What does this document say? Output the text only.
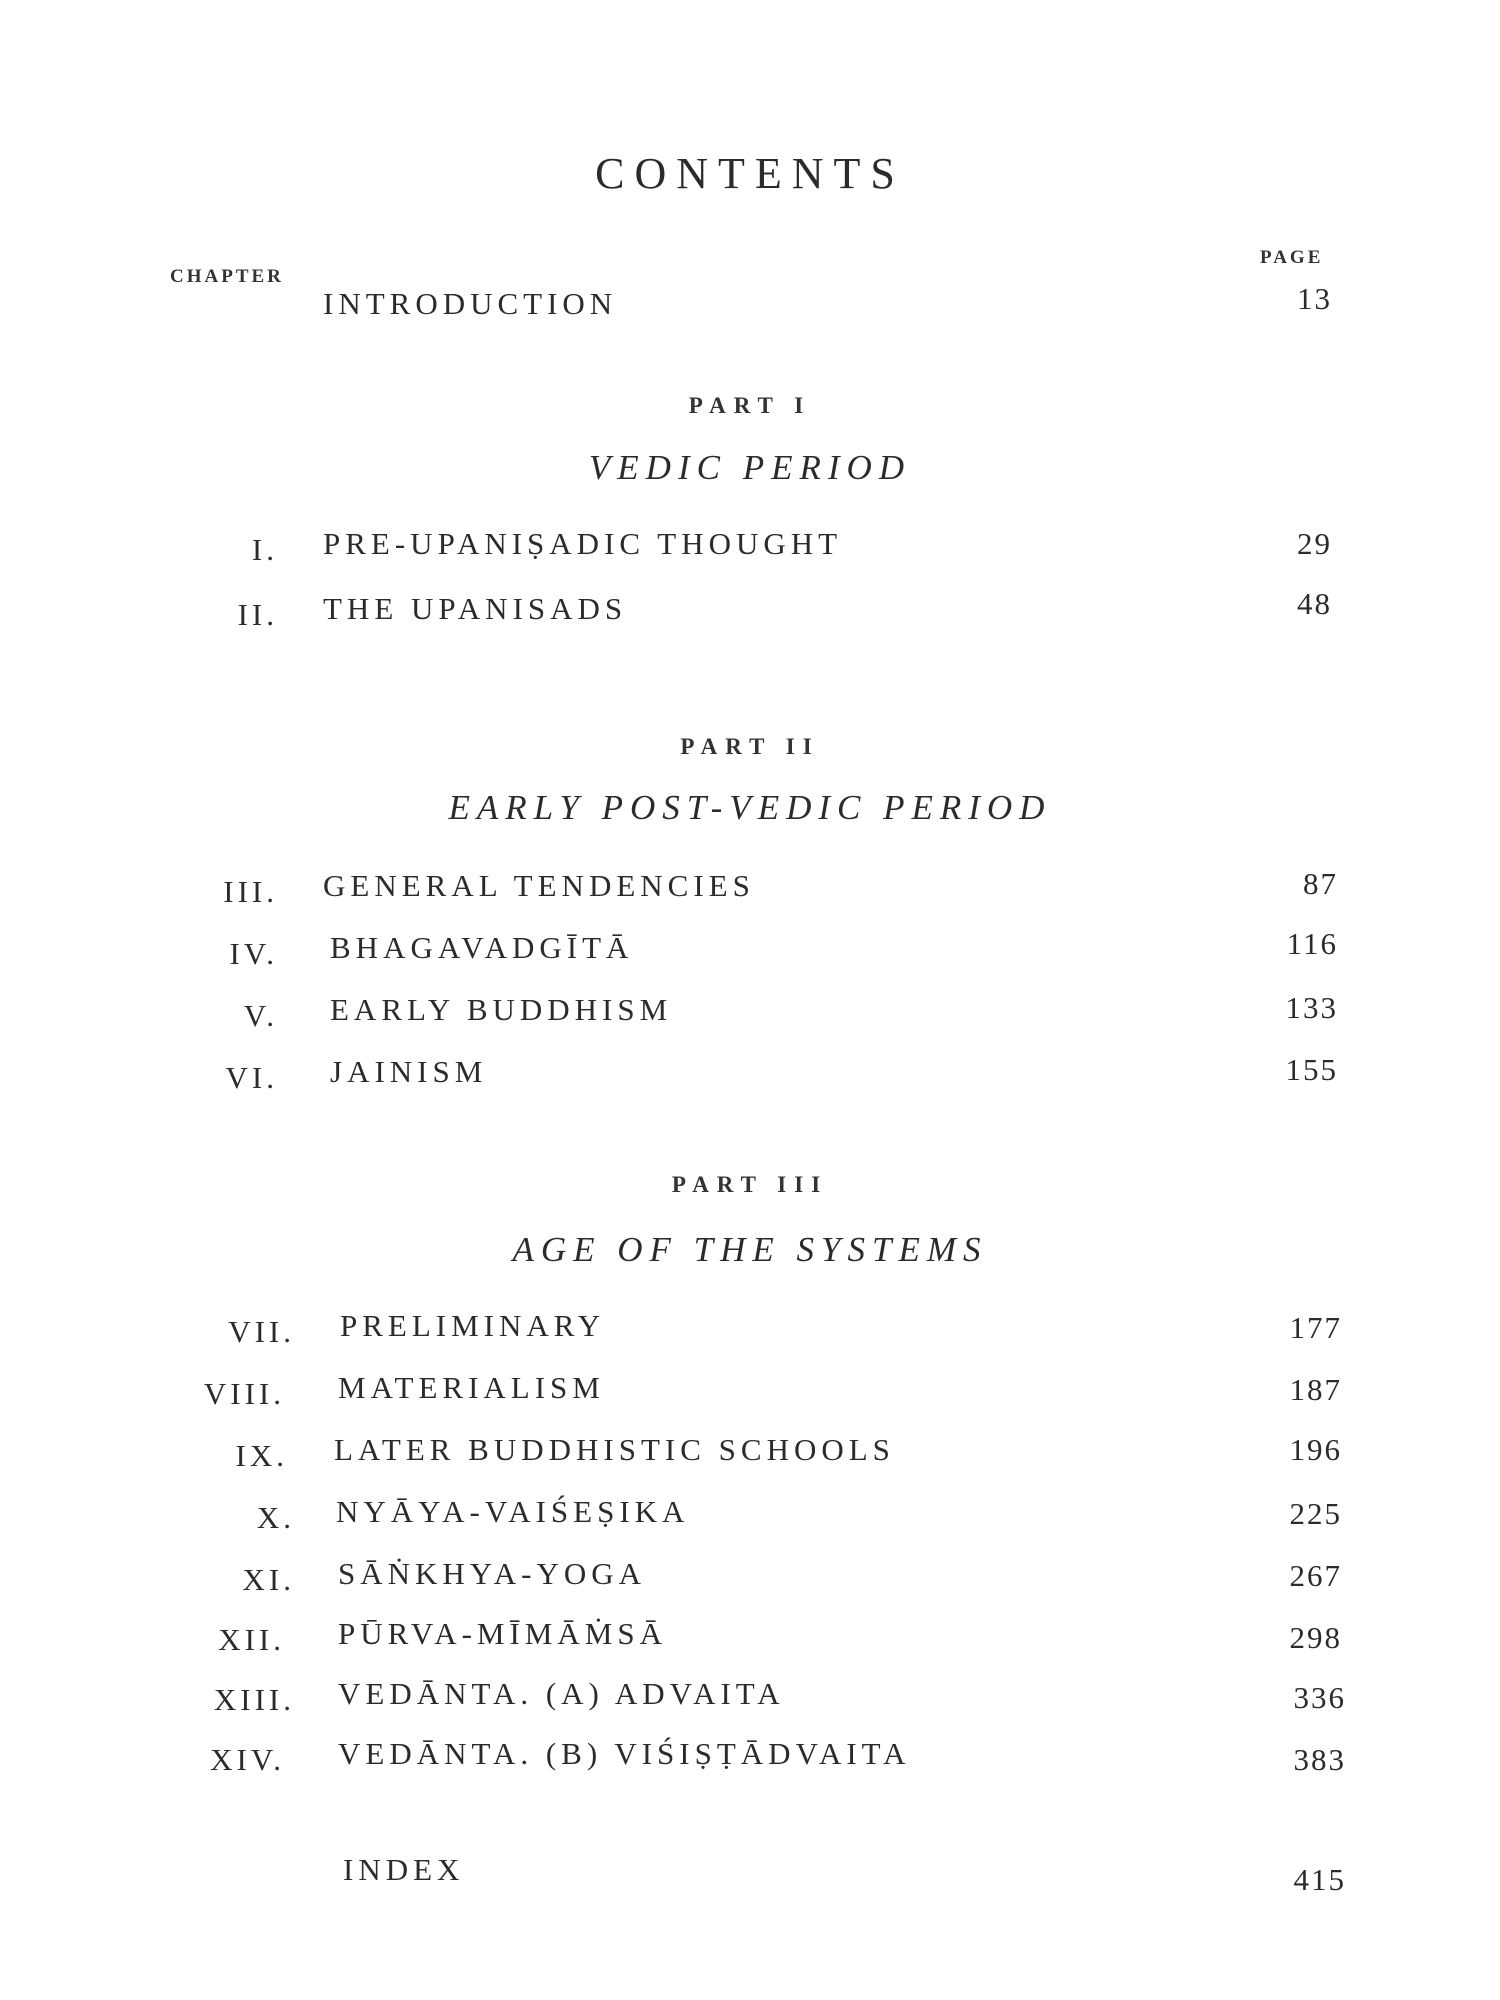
CONTENTS
CHAPTER
PAGE
INTRODUCTION	13
PART I
VEDIC PERIOD
I. PRE-UPANIṢADIC THOUGHT	29
II. THE UPANISADS	48
PART II
EARLY POST-VEDIC PERIOD
III. GENERAL TENDENCIES	87
IV. BHAGAVADGĪTĀ	116
V. EARLY BUDDHISM	133
VI. JAINISM	155
PART III
AGE OF THE SYSTEMS
VII. PRELIMINARY	177
VIII. MATERIALISM	187
IX. LATER BUDDHISTIC SCHOOLS	196
X. NYĀYA-VAIŚEṢIKA	225
XI. SĀṄKHYA-YOGA	267
XII. PŪRVA-MĪMĀṀSĀ	298
XIII. VEDĀNTA. (A) ADVAITA	336
XIV. VEDĀNTA. (B) VIŚIṢṬĀDVAITA	383
INDEX	415
